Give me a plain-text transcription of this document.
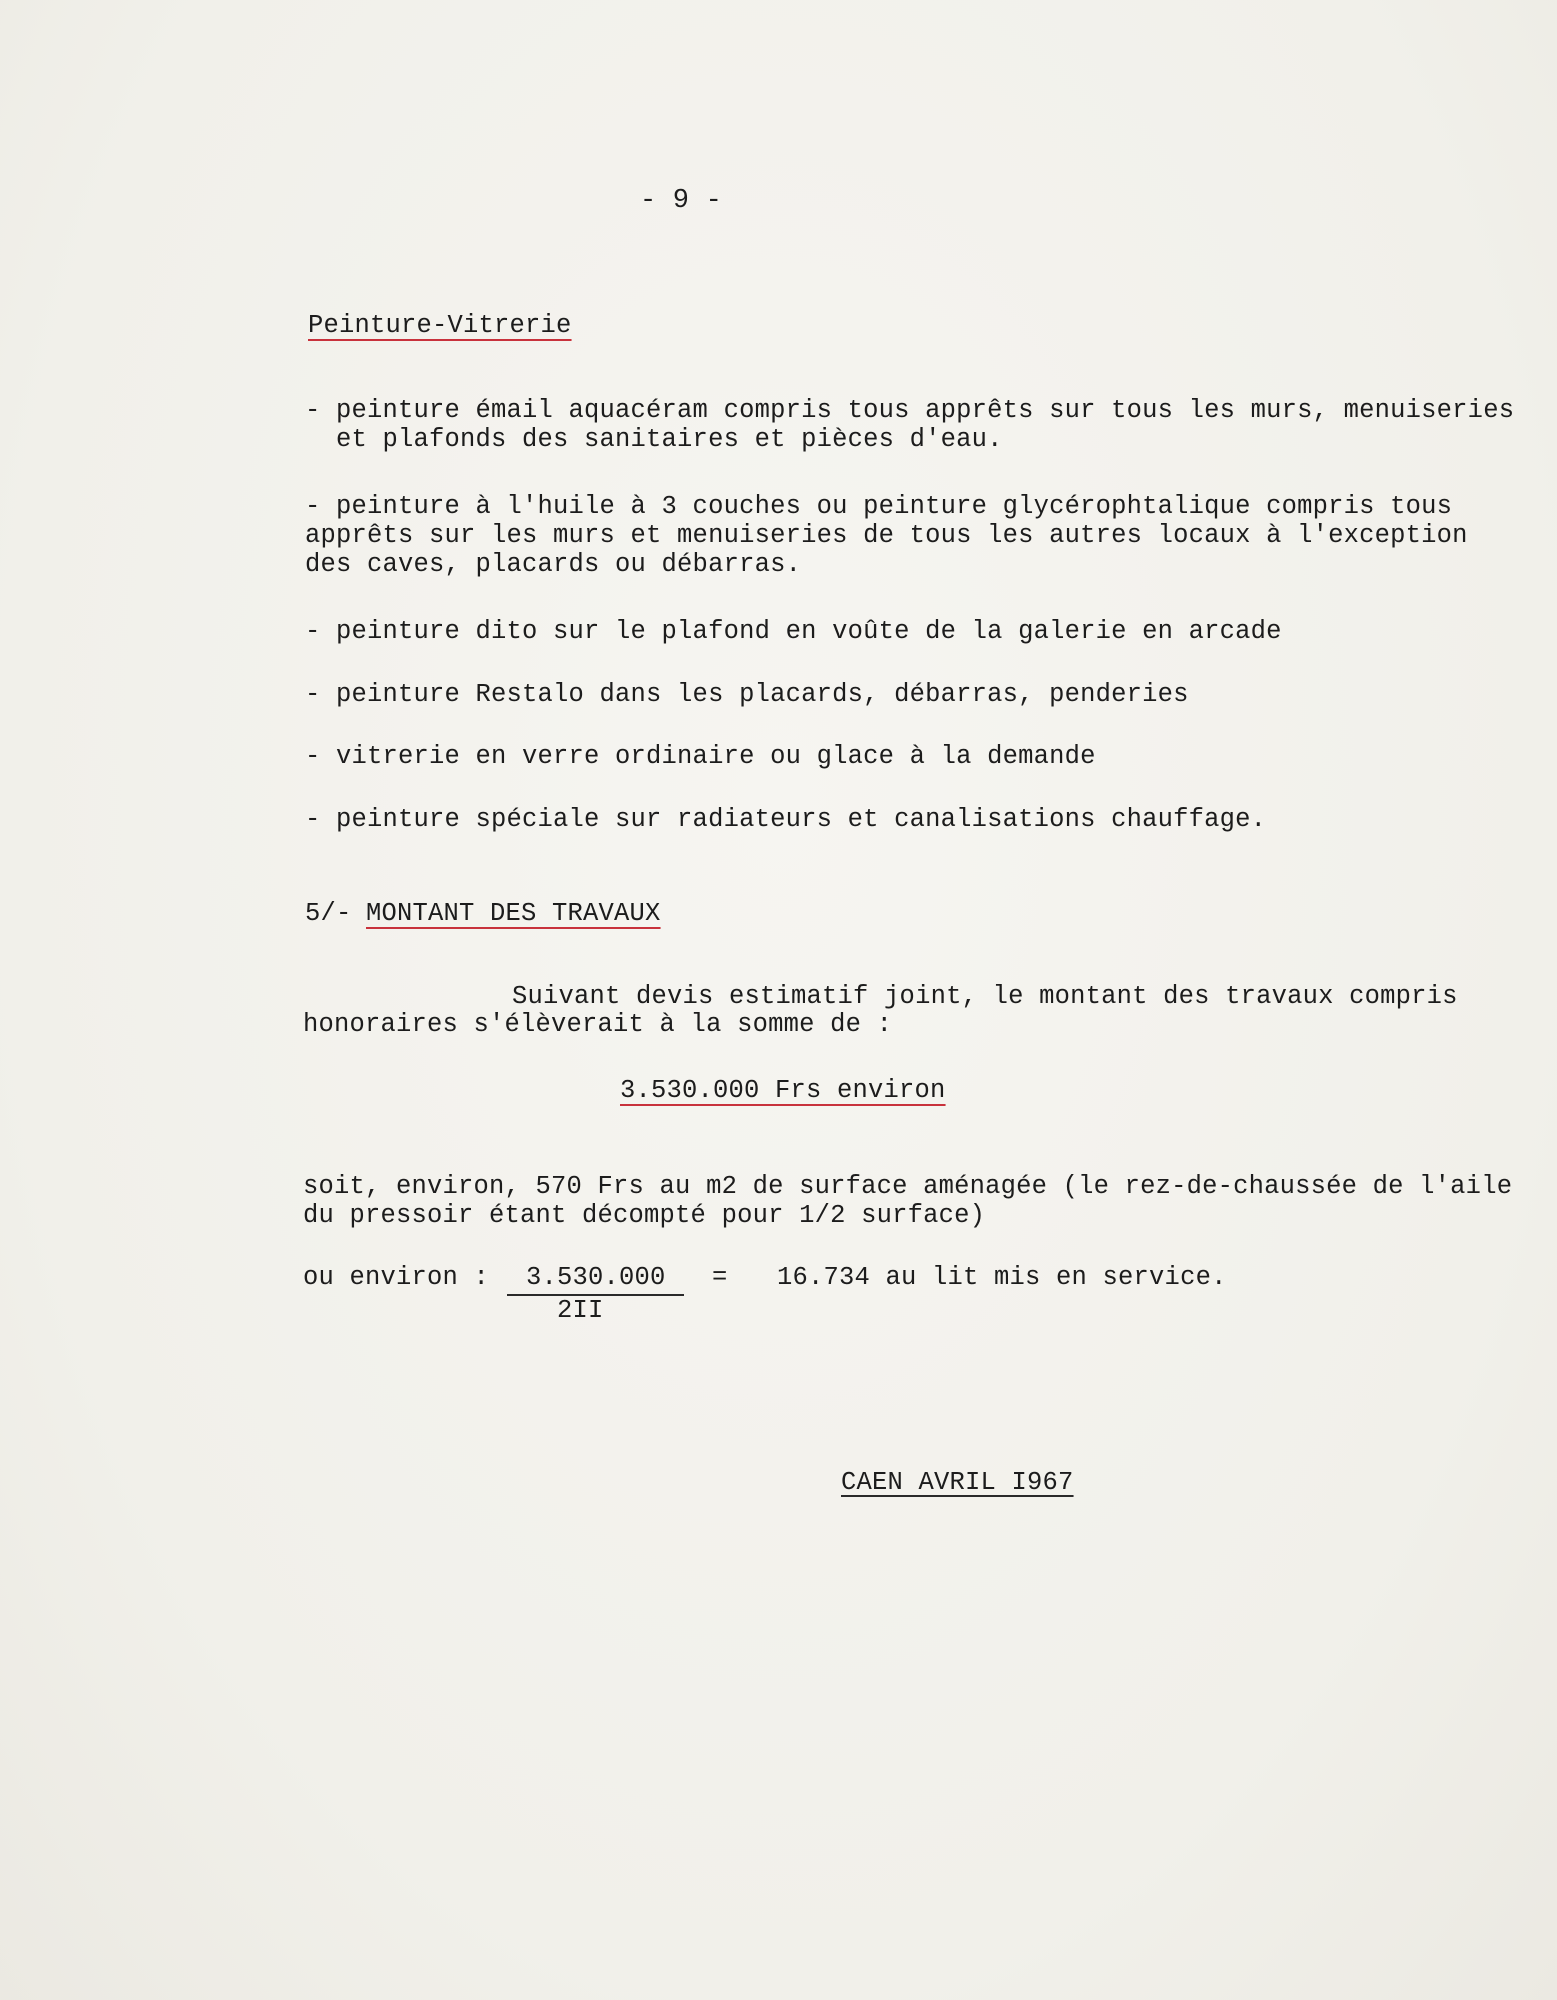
- 9 -
Peinture-Vitrerie
- peinture émail aquacéram compris tous apprêts sur tous les murs, menuiseries
et plafonds des sanitaires et pièces d'eau.
- peinture à l'huile à 3 couches ou peinture glycérophtalique compris tous
apprêts sur les murs et menuiseries de tous les autres locaux à l'exception
des caves, placards ou débarras.
- peinture dito sur le plafond en voûte de la galerie en arcade
- peinture Restalo dans les placards, débarras, penderies
- vitrerie en verre ordinaire ou glace à la demande
- peinture spéciale sur radiateurs et canalisations chauffage.
5/-
MONTANT DES TRAVAUX
Suivant devis estimatif joint, le montant des travaux compris
honoraires s'élèverait à la somme de :
3.530.000 Frs environ
soit, environ, 570 Frs au m2 de surface aménagée (le rez-de-chaussée de l'aile
du pressoir étant décompté pour 1/2 surface)
ou environ : 3.530.000
2II
= 16.734 au lit mis en service.
CAEN AVRIL I967
